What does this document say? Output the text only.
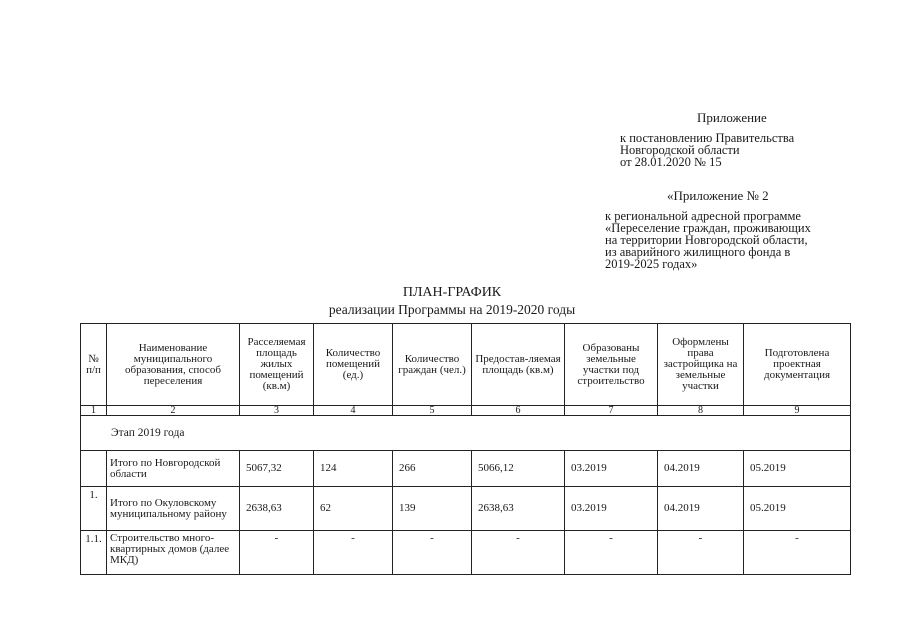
Приложение
к постановлению Правительства
Новгородской области
от 28.01.2020 № 15
«Приложение № 2
к региональной адресной программе
«Переселение граждан, проживающих
на территории Новгородской области,
из аварийного жилищного фонда в
2019-2025 годах»
ПЛАН-ГРАФИК
реализации Программы на 2019-2020 годы
№ п/п	Наименование муниципального образования, способ переселения	Расселяемая площадь жилых помещений (кв.м)	Количество помещений (ед.)	Количество граждан (чел.)	Предостав-ляемая площадь (кв.м)	Образованы земельные участки под строительство	Оформлены права застройщика на земельные участки	Подготовлена проектная документация
1	2	3	4	5	6	7	8	9
Этап 2019 года								
	Итого по Новгородской области	5067,32	124	266	5066,12	03.2019	04.2019	05.2019
1.	Итого по Окуловскому муниципальному району	2638,63	62	139	2638,63	03.2019	04.2019	05.2019
1.1.	Строительство много-квартирных домов (далее МКД)	-	-	-	-	-	-	-
